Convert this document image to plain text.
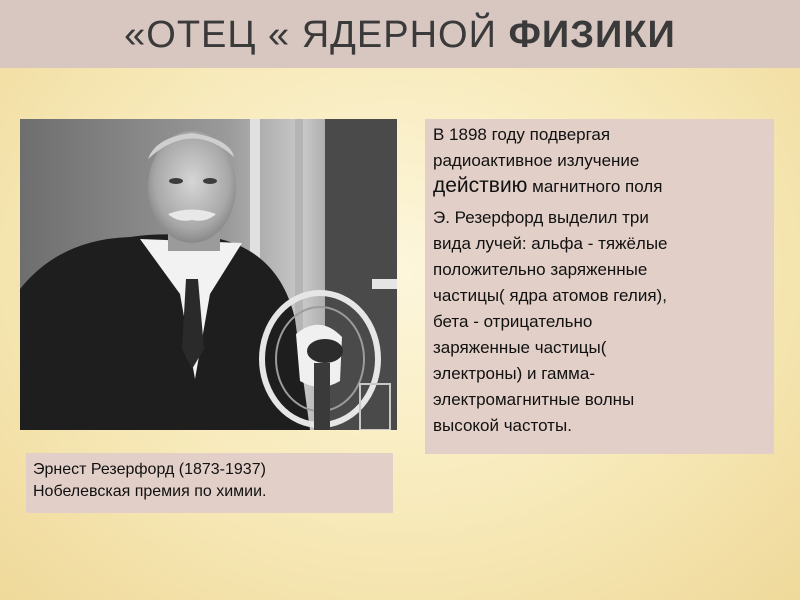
«ОТЕЦ « ЯДЕРНОЙ ФИЗИКИ
Эрнест Резерфорд (1873-1937)
Нобелевская премия по химии.
В 1898 году подвергая
радиоактивное излучение
действию магнитного поля
Э. Резерфорд выделил три
вида лучей: альфа - тяжёлые
положительно заряженные
частицы( ядра атомов гелия),
бета - отрицательно
заряженные частицы(
электроны) и гамма-
электромагнитные волны
высокой частоты.
